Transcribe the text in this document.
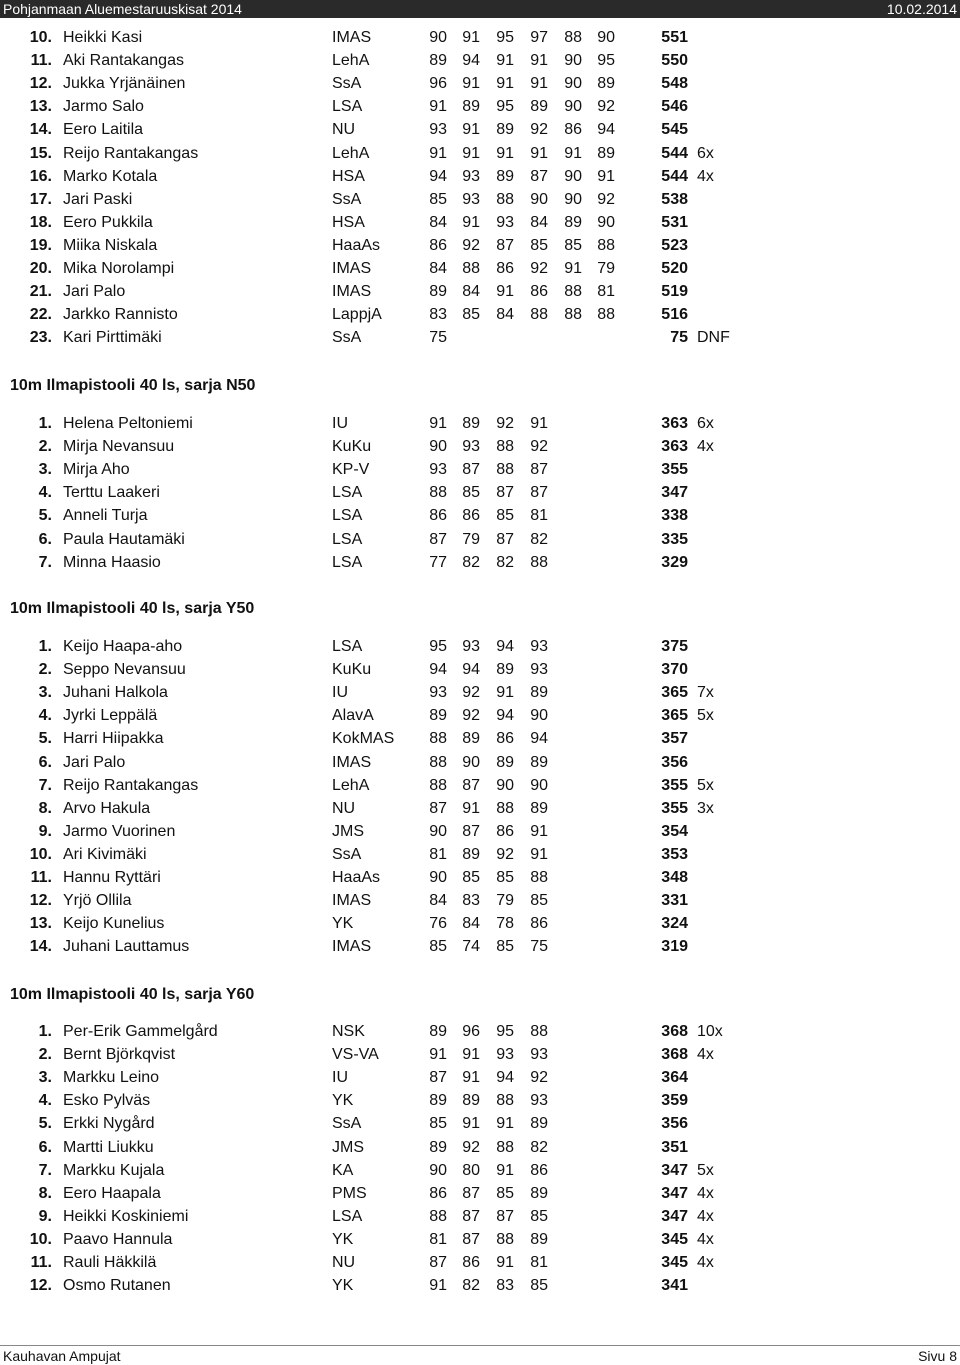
Pohjanmaan Aluemestaruuskisat 2014	10.02.2014
10. Heikki Kasi	IMAS	90 91	95	97	88 90	551
11. Aki Rantakangas	LehA	89 94	91	91	90 95	550
12. Jukka Yrjänäinen	SsA	96 91	91	91	90 89	548
13. Jarmo Salo	LSA	91 89	95	89	90 92	546
14. Eero Laitila	NU	93 91	89	92	86 94	545
15. Reijo Rantakangas	LehA	91 91	91	91	91 89	544 6x
16. Marko Kotala	HSA	94 93	89	87	90 91	544 4x
17. Jari Paski	SsA	85 93	88	90	90 92	538
18. Eero Pukkila	HSA	84 91	93	84	89 90	531
19. Miika Niskala	HaaAs	86 92	87	85	85 88	523
20. Mika Norolampi	IMAS	84 88	86	92	91 79	520
21. Jari Palo	IMAS	89 84	91	86	88 81	519
22. Jarkko Rannisto	LappjA	83 85	84	88	88 88	516
23. Kari Pirttimäki	SsA	75	75 DNF
10m Ilmapistooli 40 ls, sarja N50
1. Helena Peltoniemi	IU	91 89	92	91	363 6x
2. Mirja Nevansuu	KuKu	90 93	88	92	363 4x
3. Mirja Aho	KP-V	93 87	88	87	355
4. Terttu Laakeri	LSA	88 85	87	87	347
5. Anneli Turja	LSA	86 86	85	81	338
6. Paula Hautamäki	LSA	87 79	87	82	335
7. Minna Haasio	LSA	77 82	82	88	329
10m Ilmapistooli 40 ls, sarja Y50
1. Keijo Haapa-aho	LSA	95 93	94	93	375
2. Seppo Nevansuu	KuKu	94 94	89	93	370
3. Juhani Halkola	IU	93 92	91	89	365 7x
4. Jyrki Leppälä	AlavA	89 92	94	90	365 5x
5. Harri Hiipakka	KokMAS	88 89	86	94	357
6. Jari Palo	IMAS	88 90	89	89	356
7. Reijo Rantakangas	LehA	88 87	90	90	355 5x
8. Arvo Hakula	NU	87 91	88	89	355 3x
9. Jarmo Vuorinen	JMS	90 87	86	91	354
10. Ari Kivimäki	SsA	81 89	92	91	353
11. Hannu Ryttäri	HaaAs	90 85	85	88	348
12. Yrjö Ollila	IMAS	84 83	79	85	331
13. Keijo Kunelius	YK	76 84	78	86	324
14. Juhani Lauttamus	IMAS	85 74	85	75	319
10m Ilmapistooli 40 ls, sarja Y60
1. Per-Erik Gammelgård	NSK	89 96	95	88	368 10x
2. Bernt Björkqvist	VS-VA	91 91	93	93	368 4x
3. Markku Leino	IU	87 91	94	92	364
4. Esko Pylväs	YK	89 89	88	93	359
5. Erkki Nygård	SsA	85 91	91	89	356
6. Martti Liukku	JMS	89 92	88	82	351
7. Markku Kujala	KA	90 80	91	86	347 5x
8. Eero Haapala	PMS	86 87	85	89	347 4x
9. Heikki Koskiniemi	LSA	88 87	87	85	347 4x
10. Paavo Hannula	YK	81 87	88	89	345 4x
11. Rauli Häkkilä	NU	87 86	91	81	345 4x
12. Osmo Rutanen	YK	91 82	83	85	341
Kauhavan Ampujat	Sivu 8
